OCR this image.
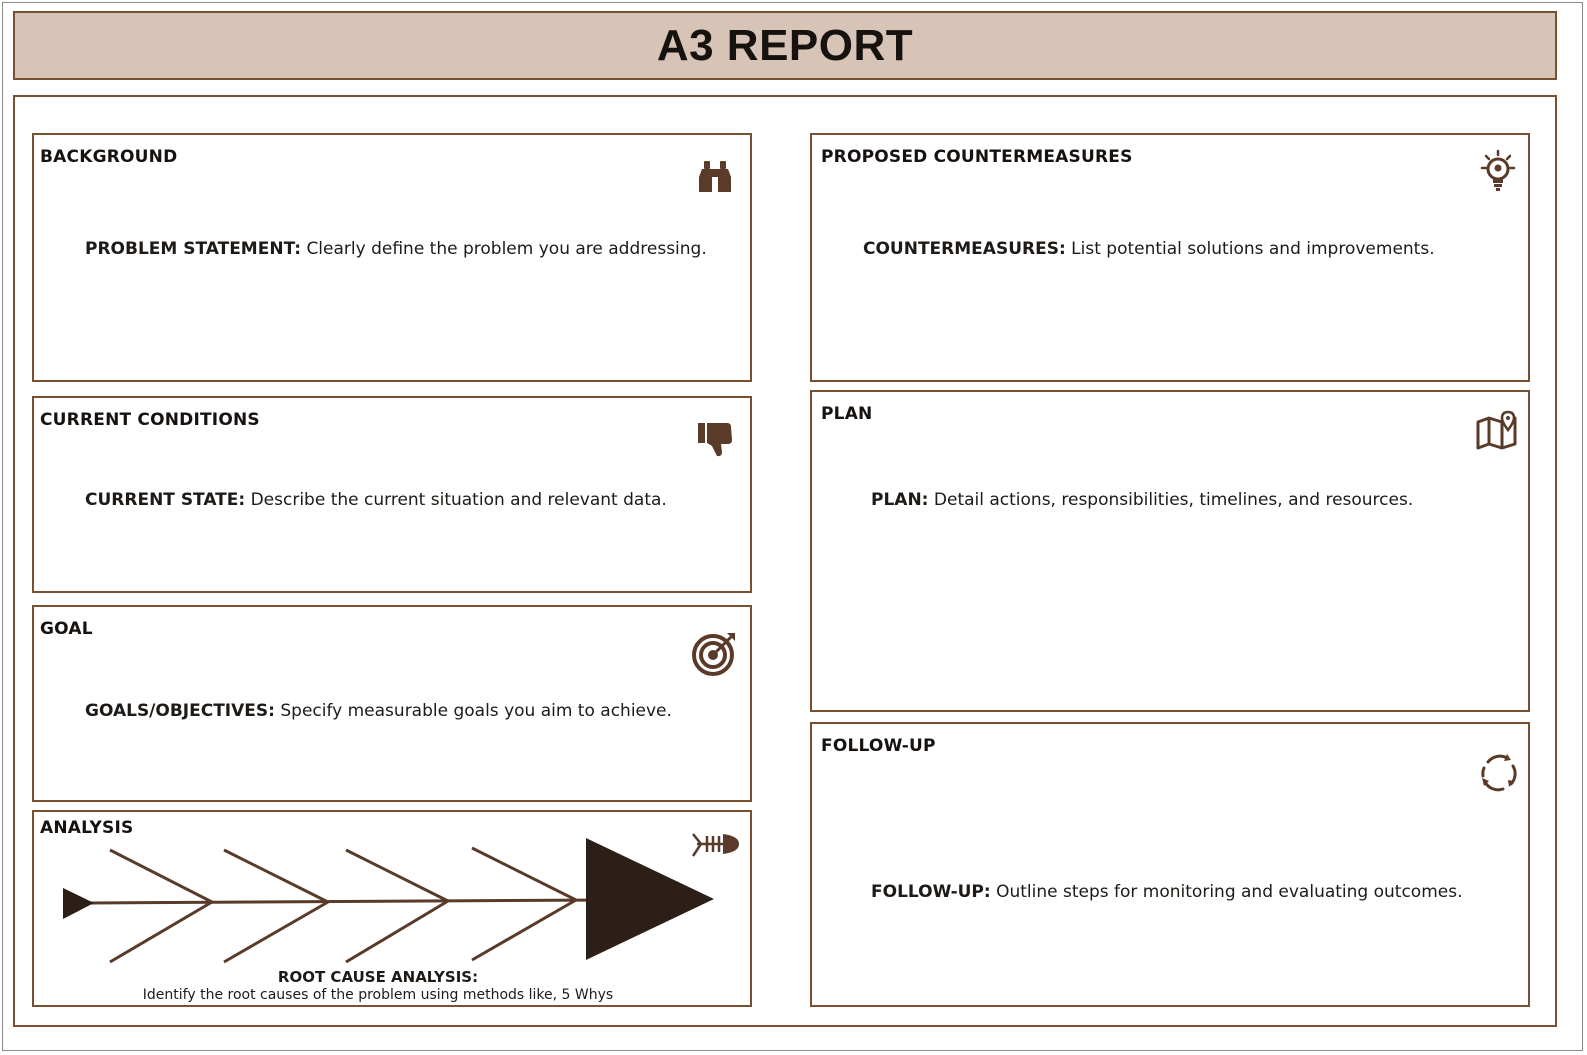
A3 REPORT
BACKGROUND
PROBLEM STATEMENT: Clearly define the problem you are addressing.
CURRENT CONDITIONS
CURRENT STATE: Describe the current situation and relevant data.
GOAL
GOALS/OBJECTIVES: Specify measurable goals you aim to achieve.
ANALYSIS
ROOT CAUSE ANALYSIS:
Identify the root causes of the problem using methods like, 5 Whys
PROPOSED COUNTERMEASURES
COUNTERMEASURES: List potential solutions and improvements.
PLAN
PLAN: Detail actions, responsibilities, timelines, and resources.
FOLLOW-UP
FOLLOW-UP: Outline steps for monitoring and evaluating outcomes.
